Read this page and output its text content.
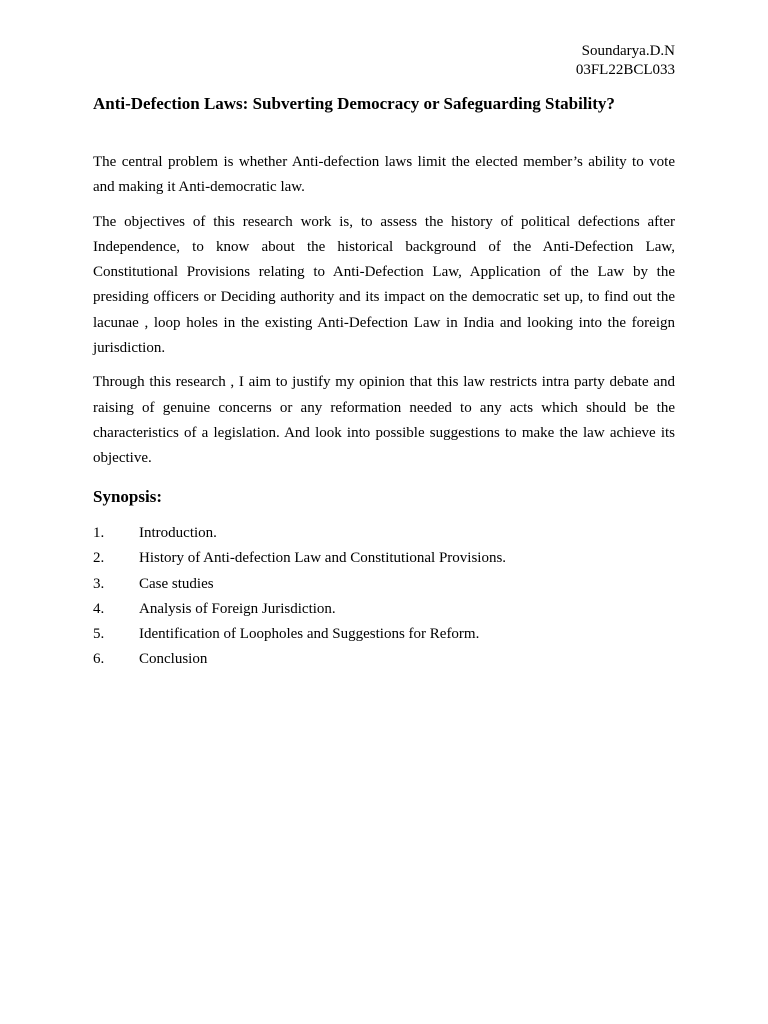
Soundarya.D.N
03FL22BCL033
Anti-Defection Laws: Subverting Democracy or Safeguarding Stability?

The central problem is whether Anti-defection laws limit the elected member’s ability to vote and making it Anti-democratic law.

The objectives of this research work is, to assess the history of political defections after Independence, to know about the historical background of the Anti-Defection Law, Constitutional Provisions relating to Anti-Defection Law, Application of the Law by the presiding officers or Deciding authority and its impact on the democratic set up, to find out the lacunae , loop holes in the existing Anti-Defection Law in India and looking into the foreign jurisdiction.

Through this research , I aim to justify my opinion that this law restricts intra party debate and raising of genuine concerns or any reformation needed to any acts which should be the characteristics of a legislation. And look into possible suggestions to make the law achieve its objective.

Synopsis:
1.	Introduction.
2.	History of Anti-defection Law and Constitutional Provisions.
3.	Case studies
4.	Analysis of Foreign Jurisdiction.
5.	Identification of Loopholes and Suggestions for Reform.
6.	Conclusion
